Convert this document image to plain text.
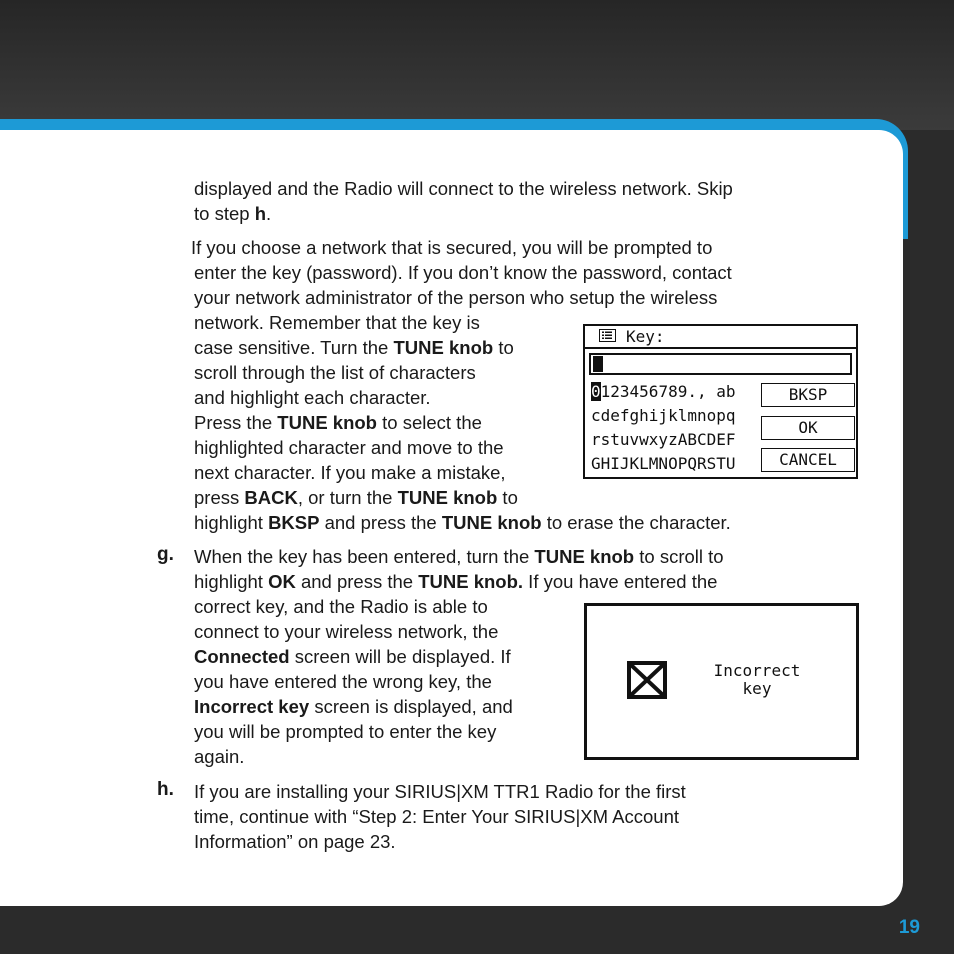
displayed and the Radio will connect to the wireless network. Skip
to step h.
If you choose a network that is secured, you will be prompted to
enter the key (password). If you don’t know the password, contact
your network administrator of the person who setup the wireless
network. Remember that the key is
case sensitive. Turn the TUNE knob to
scroll through the list of characters
and highlight each character.
Press the TUNE knob to select the
highlighted character and move to the
next character. If you make a mistake,
press BACK, or turn the TUNE knob to
highlight BKSP and press the TUNE knob to erase the character.
Key:
0123456789., ab
cdefghijklmnopq
rstuvwxyzABCDEF
GHIJKLMNOPQRSTU
BKSP
OK
CANCEL
g. When the key has been entered, turn the TUNE knob to scroll to
highlight OK and press the TUNE knob. If you have entered the
correct key, and the Radio is able to
connect to your wireless network, the
Connected screen will be displayed. If
you have entered the wrong key, the
Incorrect key screen is displayed, and
you will be prompted to enter the key
again.
Incorrect
key
h. If you are installing your SIRIUS|XM TTR1 Radio for the first
time, continue with “Step 2: Enter Your SIRIUS|XM Account
Information” on page 23.
19
